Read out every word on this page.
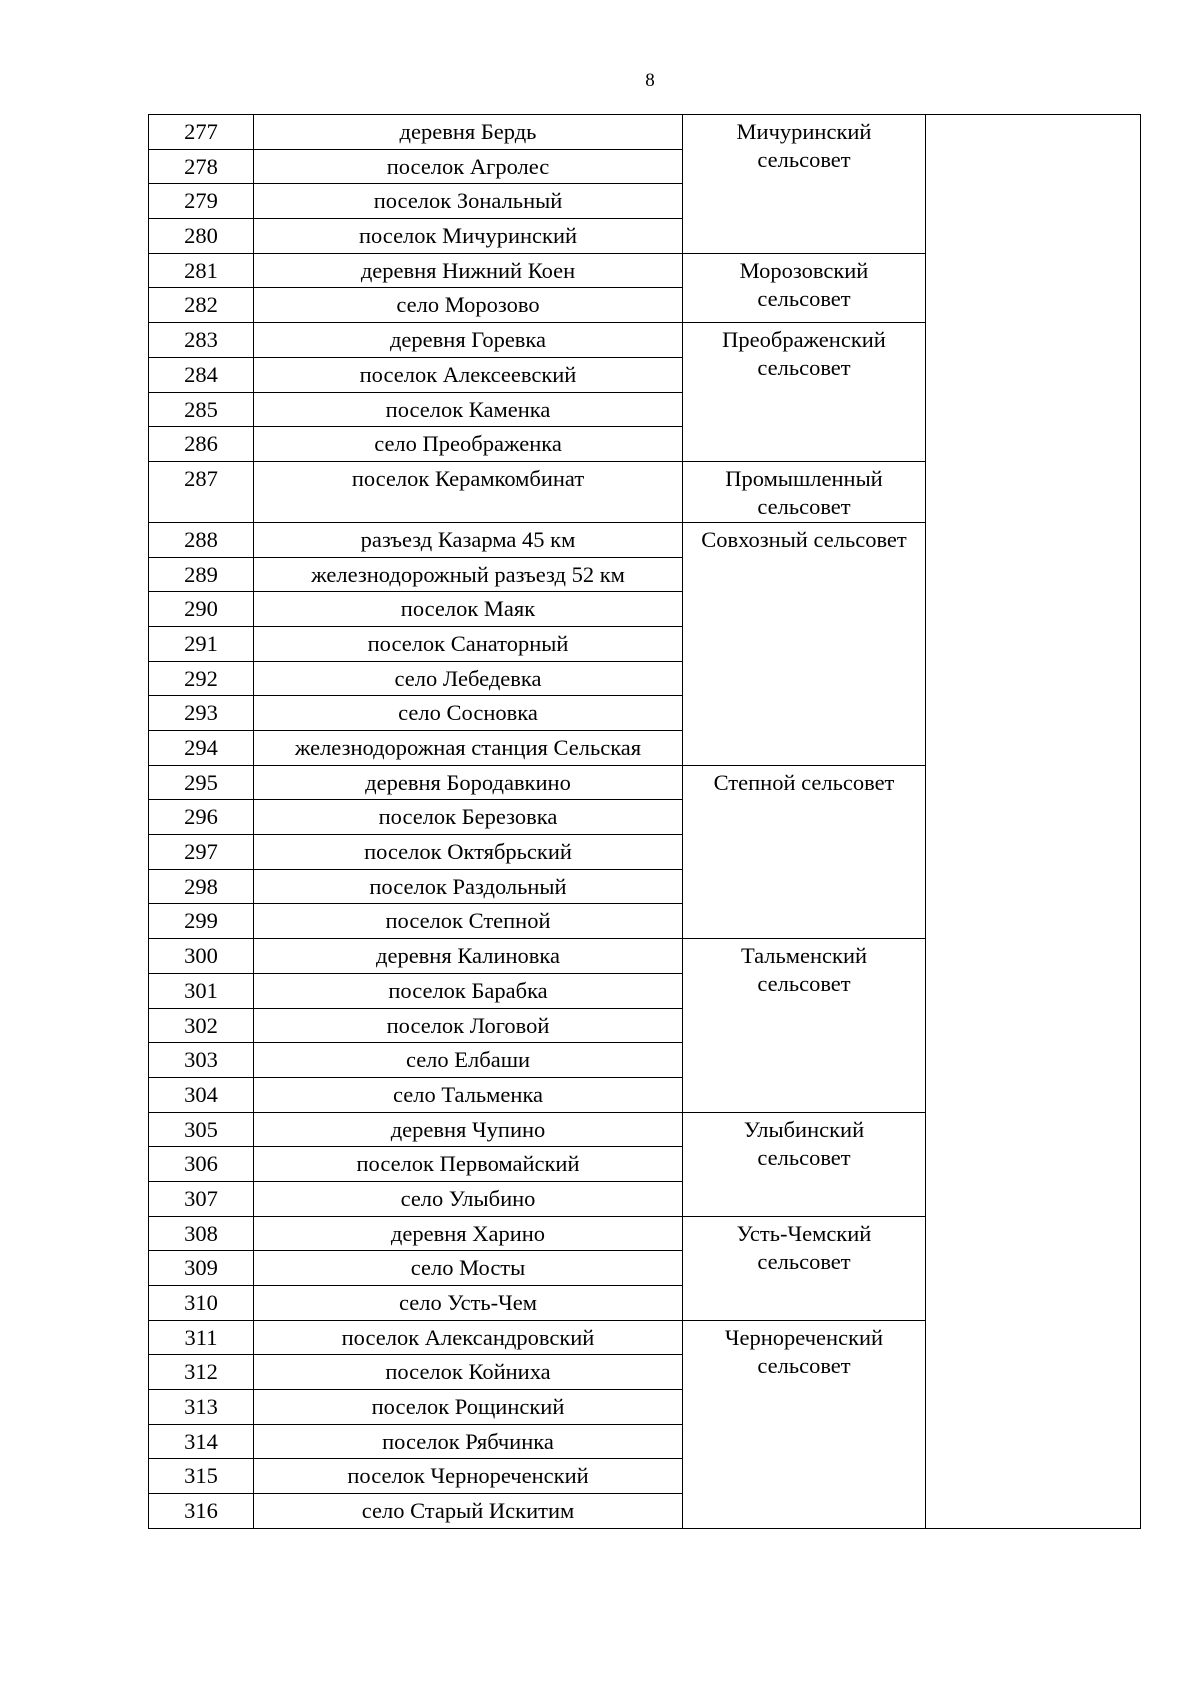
8
277	деревня Бердь	Мичуринский сельсовет	
278	поселок Агролес		
279	поселок Зональный		
280	поселок Мичуринский		
281	деревня Нижний Коен	Морозовский сельсовет	
282	село Морозово		
283	деревня Горевка	Преображенский сельсовет	
284	поселок Алексеевский		
285	поселок Каменка		
286	село Преображенка		
287	поселок Керамкомбинат	Промышленный сельсовет	
288	разъезд Казарма 45 км	Совхозный сельсовет	
289	железнодорожный разъезд 52 км		
290	поселок Маяк		
291	поселок Санаторный		
292	село Лебедевка		
293	село Сосновка		
294	железнодорожная станция Сельская		
295	деревня Бородавкино	Степной сельсовет	
296	поселок Березовка		
297	поселок Октябрьский		
298	поселок Раздольный		
299	поселок Степной		
300	деревня Калиновка	Тальменский сельсовет	
301	поселок Барабка		
302	поселок Логовой		
303	село Елбаши		
304	село Тальменка		
305	деревня Чупино	Улыбинский сельсовет	
306	поселок Первомайский		
307	село Улыбино		
308	деревня Харино	Усть-Чемский сельсовет	
309	село Мосты		
310	село Усть-Чем		
311	поселок Александровский	Чернореченский сельсовет	
312	поселок Койниха		
313	поселок Рощинский		
314	поселок Рябчинка		
315	поселок Чернореченский		
316	село Старый Искитим		
